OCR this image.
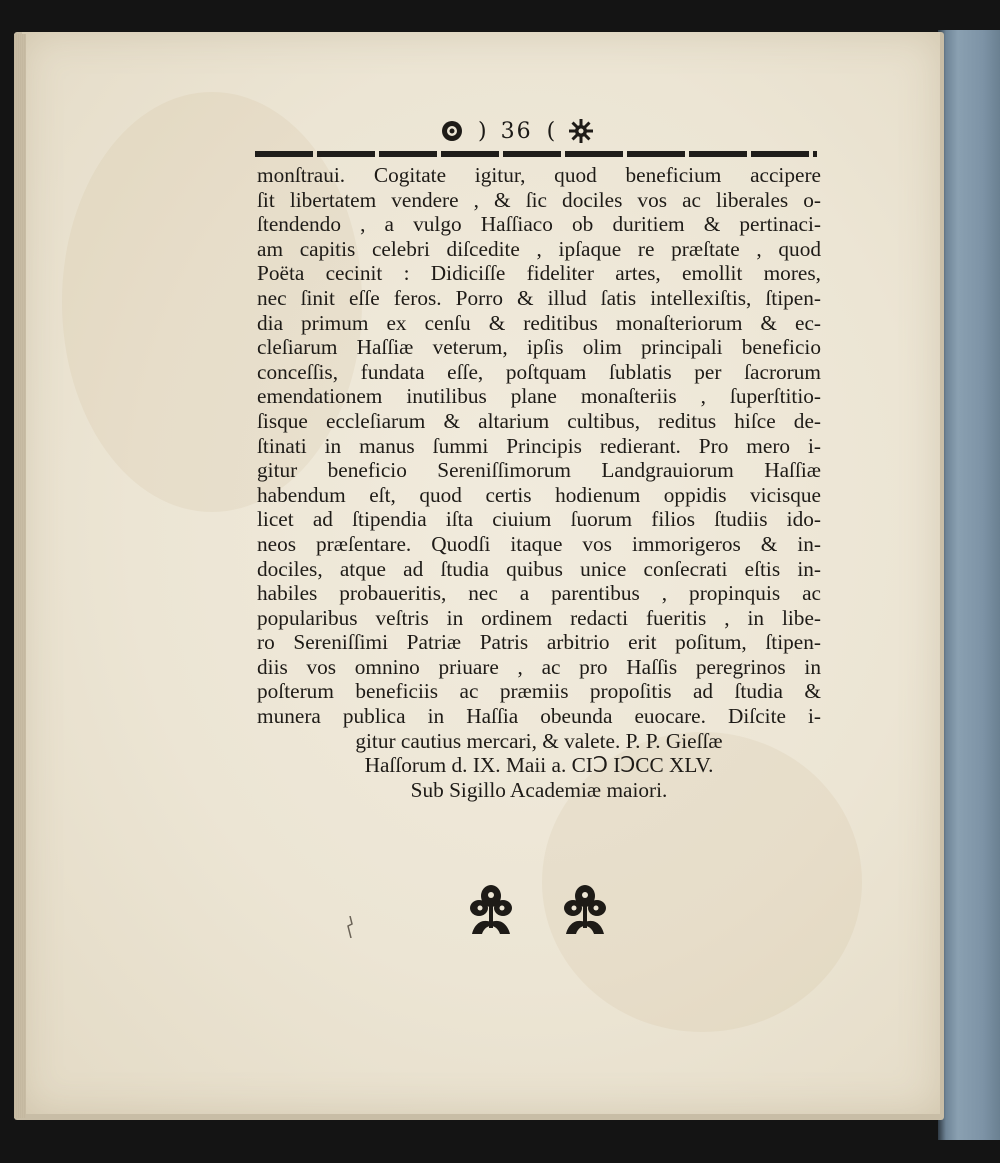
) 36 (
monſtraui. Cogitate igitur, quod beneficium accipere
ſit libertatem vendere , & ſic dociles vos ac liberales o-
ſtendendo , a vulgo Haſſiaco ob duritiem & pertinaci-
am capitis celebri diſcedite , ipſaque re præſtate , quod
Poëta cecinit : Didiciſſe fideliter artes, emollit mores,
nec ſinit eſſe feros. Porro & illud ſatis intellexiſtis, ſtipen-
dia primum ex cenſu & reditibus monaſteriorum & ec-
cleſiarum Haſſiæ veterum, ipſis olim principali beneficio
conceſſis, fundata eſſe, poſtquam ſublatis per ſacrorum
emendationem inutilibus plane monaſteriis , ſuperſtitio-
ſisque eccleſiarum & altarium cultibus, reditus hiſce de-
ſtinati in manus ſummi Principis redierant. Pro mero i-
gitur beneficio Sereniſſimorum Landgrauiorum Haſſiæ
habendum eſt, quod certis hodienum oppidis vicisque
licet ad ſtipendia iſta ciuium ſuorum filios ſtudiis ido-
neos præſentare. Quodſi itaque vos immorigeros & in-
dociles, atque ad ſtudia quibus unice conſecrati eſtis in-
habiles probaueritis, nec a parentibus , propinquis ac
popularibus veſtris in ordinem redacti fueritis , in libe-
ro Sereniſſimi Patriæ Patris arbitrio erit poſitum, ſtipen-
diis vos omnino priuare , ac pro Haſſis peregrinos in
poſterum beneficiis ac præmiis propoſitis ad ſtudia &
munera publica in Haſſia obeunda euocare. Diſcite i-
gitur cautius mercari, & valete. P. P. Gieſſæ
Haſſorum d. IX. Maii a. CIↃ IↃCC XLV.
Sub Sigillo Academiæ maiori.
